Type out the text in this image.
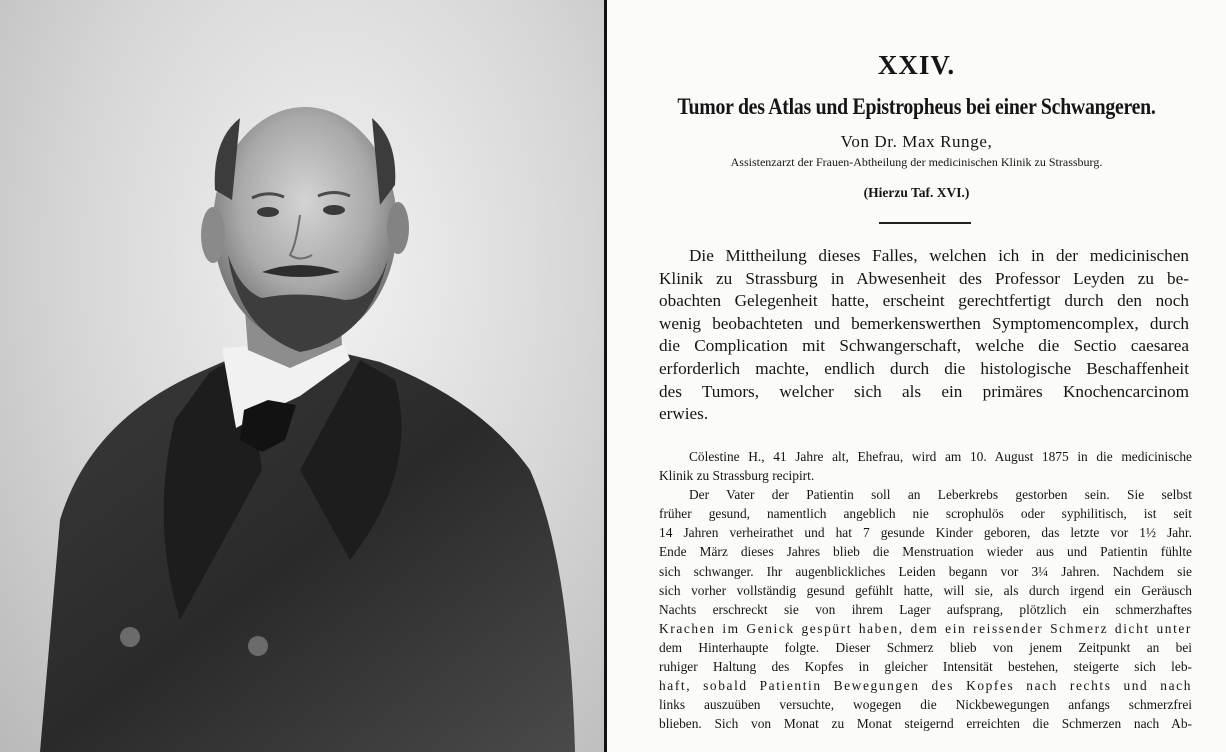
XXIV.
Tumor des Atlas und Epistropheus bei einer Schwangeren.
Von Dr. Max Runge,
Assistenzarzt der Frauen-Abtheilung der medicinischen Klinik zu Strassburg.
(Hierzu Taf. XVI.)
Die Mittheilung dieses Falles, welchen ich in der medicinischen
Klinik zu Strassburg in Abwesenheit des Professor Leyden zu be-
obachten Gelegenheit hatte, erscheint gerechtfertigt durch den noch
wenig beobachteten und bemerkenswerthen Symptomencomplex, durch
die Complication mit Schwangerschaft, welche die Sectio caesarea
erforderlich machte, endlich durch die histologische Beschaffenheit
des Tumors, welcher sich als ein primäres Knochencarcinom
erwies.
Cölestine H., 41 Jahre alt, Ehefrau, wird am 10. August 1875 in die medicinische
Klinik zu Strassburg recipirt.
Der Vater der Patientin soll an Leberkrebs gestorben sein. Sie selbst
früher gesund, namentlich angeblich nie scrophulös oder syphilitisch, ist seit
14 Jahren verheirathet und hat 7 gesunde Kinder geboren, das letzte vor 1½ Jahr.
Ende März dieses Jahres blieb die Menstruation wieder aus und Patientin fühlte
sich schwanger. Ihr augenblickliches Leiden begann vor 3¼ Jahren. Nachdem sie
sich vorher vollständig gesund gefühlt hatte, will sie, als durch irgend ein Geräusch
Nachts erschreckt sie von ihrem Lager aufsprang, plötzlich ein schmerzhaftes
Krachen im Genick gespürt haben, dem ein reissender Schmerz dicht unter
dem Hinterhaupte folgte. Dieser Schmerz blieb von jenem Zeitpunkt an bei
ruhiger Haltung des Kopfes in gleicher Intensität bestehen, steigerte sich leb-
haft, sobald Patientin Bewegungen des Kopfes nach rechts und nach
links auszuüben versuchte, wogegen die Nickbewegungen anfangs schmerzfrei
blieben. Sich von Monat zu Monat steigernd erreichten die Schmerzen nach Ab-
